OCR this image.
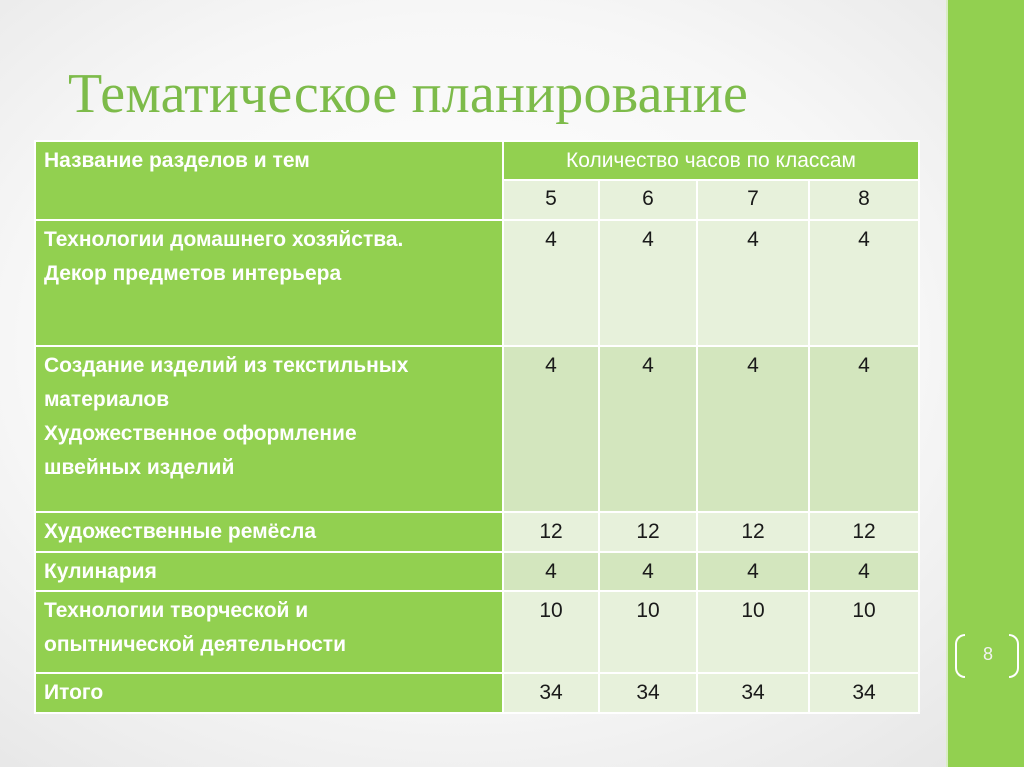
8
Тематическое планирование
Название разделов и тем	Количество часов по классам			
	5	6	7	8

Технологии домашнего хозяйства.
Декор предметов интерьера	4	4	4	4

Создание изделий из текстильных
материалов
Художественное оформление
швейных изделий	4	4	4	4

Художественные ремёсла	12	12	12	12

Кулинария	4	4	4	4

Технологии творческой и
опытнической деятельности	10	10	10	10

Итого	34	34	34	34
